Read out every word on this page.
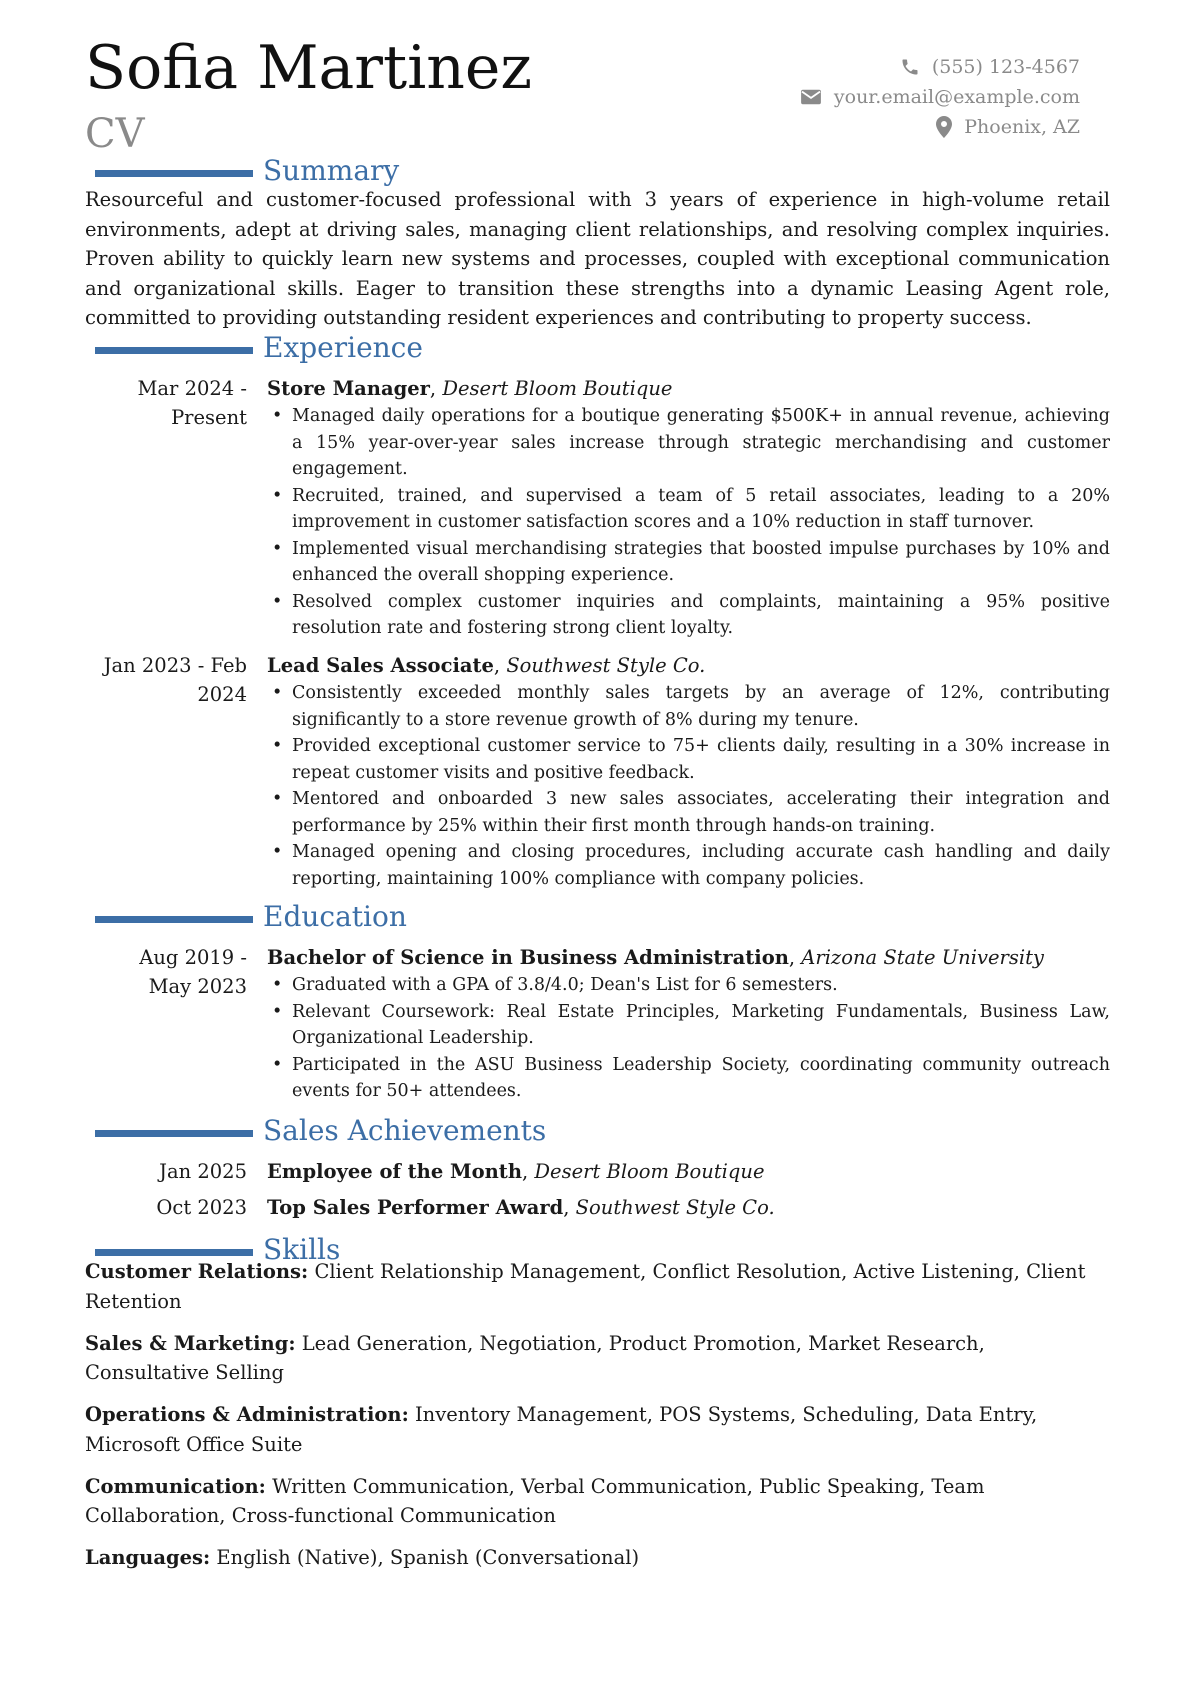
Sofia Martinez
CV
(555) 123-4567
your.email@example.com
Phoenix, AZ
Summary

Resourceful and customer-focused professional with 3 years of experience in high-volume retail environments, adept at driving sales, managing client relationships, and resolving complex inquiries. Proven ability to quickly learn new systems and processes, coupled with exceptional communication and organizational skills. Eager to transition these strengths into a dynamic Leasing Agent role, committed to providing outstanding resident experiences and contributing to property success.

Experience
Mar 2024 -
Present
Store Manager, Desert Bloom Boutique
• Managed daily operations for a boutique generating $500K+ in annual revenue, achieving a 15% year-over-year sales increase through strategic merchandising and customer engagement.
• Recruited, trained, and supervised a team of 5 retail associates, leading to a 20% improvement in customer satisfaction scores and a 10% reduction in staff turnover.
• Implemented visual merchandising strategies that boosted impulse purchases by 10% and enhanced the overall shopping experience.
• Resolved complex customer inquiries and complaints, maintaining a 95% positive resolution rate and fostering strong client loyalty.
Jan 2023 - Feb
2024
Lead Sales Associate, Southwest Style Co.
• Consistently exceeded monthly sales targets by an average of 12%, contributing significantly to a store revenue growth of 8% during my tenure.
• Provided exceptional customer service to 75+ clients daily, resulting in a 30% increase in repeat customer visits and positive feedback.
• Mentored and onboarded 3 new sales associates, accelerating their integration and performance by 25% within their first month through hands-on training.
• Managed opening and closing procedures, including accurate cash handling and daily reporting, maintaining 100% compliance with company policies.
Education
Aug 2019 -
May 2023
Bachelor of Science in Business Administration, Arizona State University
• Graduated with a GPA of 3.8/4.0; Dean's List for 6 semesters.
• Relevant Coursework: Real Estate Principles, Marketing Fundamentals, Business Law, Organizational Leadership.
• Participated in the ASU Business Leadership Society, coordinating community outreach events for 50+ attendees.
Sales Achievements
Jan 2025 Employee of the Month, Desert Bloom Boutique
Oct 2023 Top Sales Performer Award, Southwest Style Co.
Skills
Customer Relations: Client Relationship Management, Conflict Resolution, Active Listening, Client Retention
Sales & Marketing: Lead Generation, Negotiation, Product Promotion, Market Research, Consultative Selling
Operations & Administration: Inventory Management, POS Systems, Scheduling, Data Entry, Microsoft Office Suite
Communication: Written Communication, Verbal Communication, Public Speaking, Team Collaboration, Cross-functional Communication
Languages: English (Native), Spanish (Conversational)
